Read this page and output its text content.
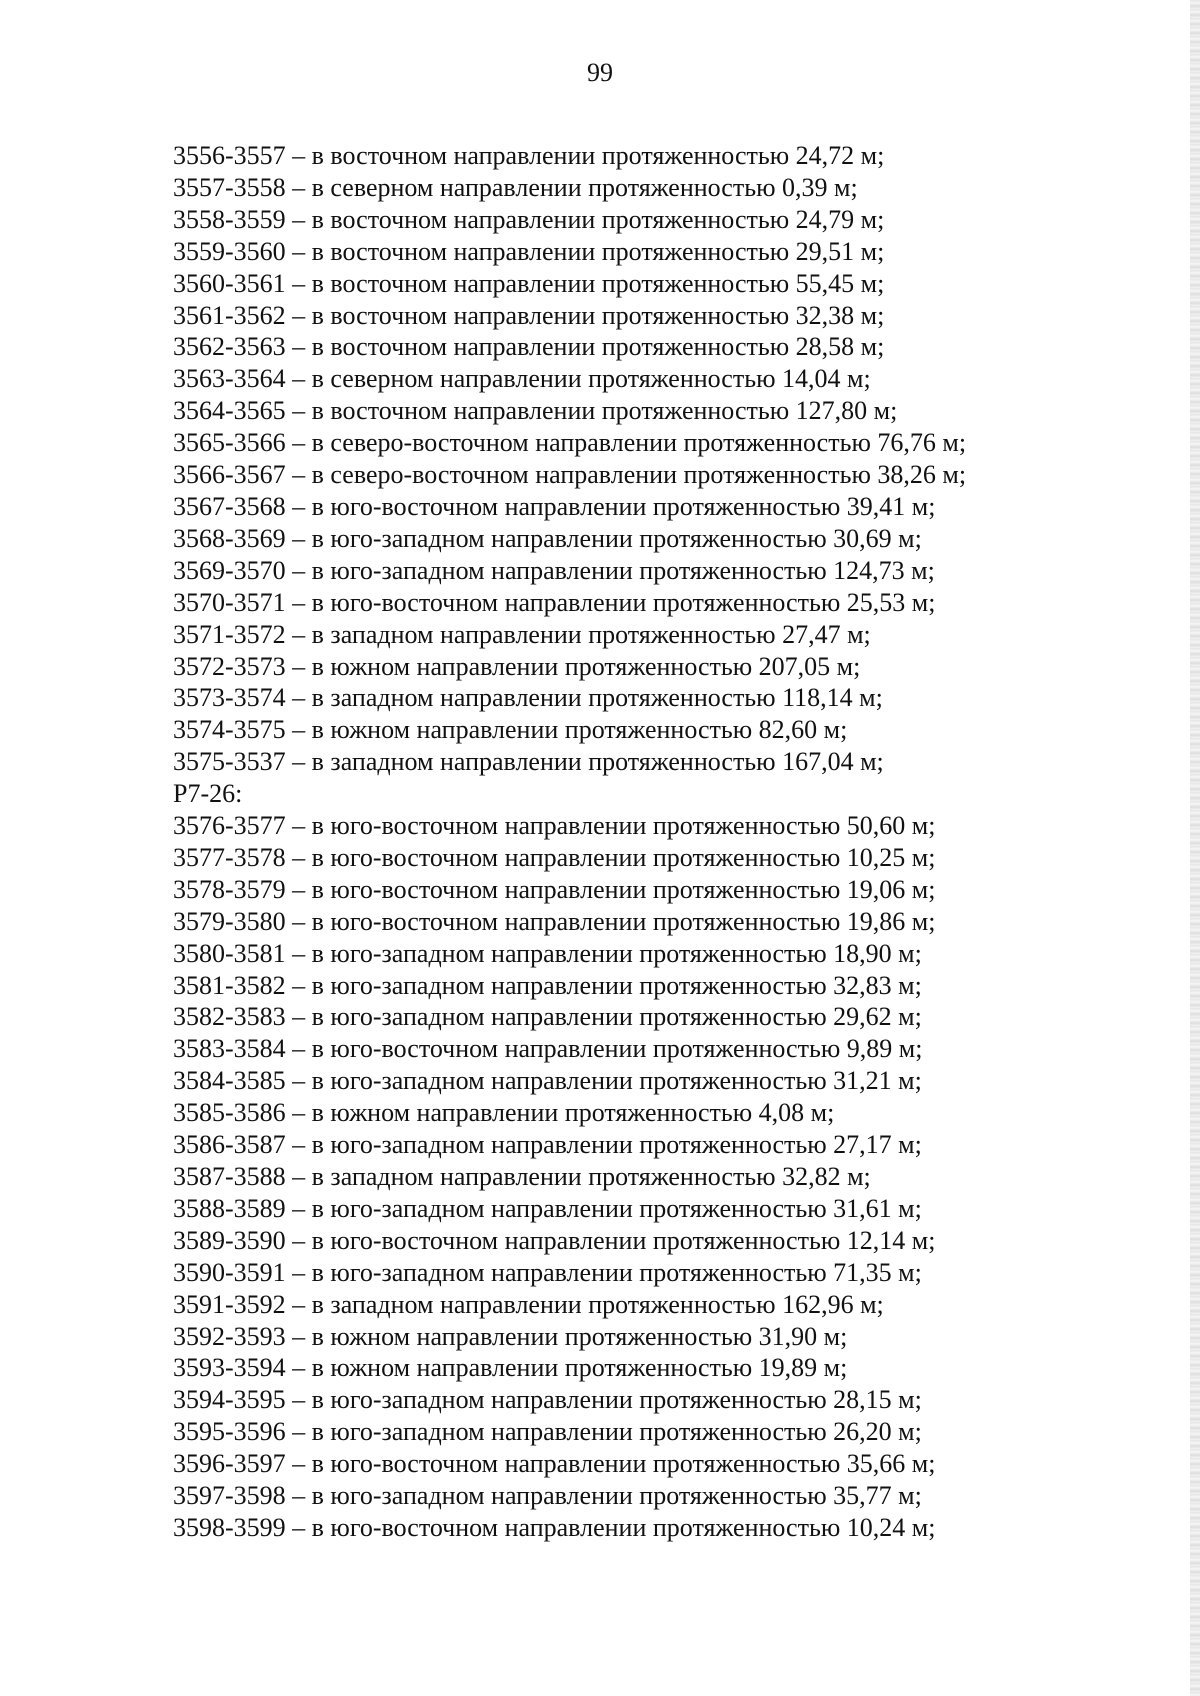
99
3556-3557 – в восточном направлении протяженностью 24,72 м;
3557-3558 – в северном направлении протяженностью 0,39 м;
3558-3559 – в восточном направлении протяженностью 24,79 м;
3559-3560 – в восточном направлении протяженностью 29,51 м;
3560-3561 – в восточном направлении протяженностью 55,45 м;
3561-3562 – в восточном направлении протяженностью 32,38 м;
3562-3563 – в восточном направлении протяженностью 28,58 м;
3563-3564 – в северном направлении протяженностью 14,04 м;
3564-3565 – в восточном направлении протяженностью 127,80 м;
3565-3566 – в северо-восточном направлении протяженностью 76,76 м;
3566-3567 – в северо-восточном направлении протяженностью 38,26 м;
3567-3568 – в юго-восточном направлении протяженностью 39,41 м;
3568-3569 – в юго-западном направлении протяженностью 30,69 м;
3569-3570 – в юго-западном направлении протяженностью 124,73 м;
3570-3571 – в юго-восточном направлении протяженностью 25,53 м;
3571-3572 – в западном направлении протяженностью 27,47 м;
3572-3573 – в южном направлении протяженностью 207,05 м;
3573-3574 – в западном направлении протяженностью 118,14 м;
3574-3575 – в южном направлении протяженностью 82,60 м;
3575-3537 – в западном направлении протяженностью 167,04 м;
Р7-26:
3576-3577 – в юго-восточном направлении протяженностью 50,60 м;
3577-3578 – в юго-восточном направлении протяженностью 10,25 м;
3578-3579 – в юго-восточном направлении протяженностью 19,06 м;
3579-3580 – в юго-восточном направлении протяженностью 19,86 м;
3580-3581 – в юго-западном направлении протяженностью 18,90 м;
3581-3582 – в юго-западном направлении протяженностью 32,83 м;
3582-3583 – в юго-западном направлении протяженностью 29,62 м;
3583-3584 – в юго-восточном направлении протяженностью 9,89 м;
3584-3585 – в юго-западном направлении протяженностью 31,21 м;
3585-3586 – в южном направлении протяженностью 4,08 м;
3586-3587 – в юго-западном направлении протяженностью 27,17 м;
3587-3588 – в западном направлении протяженностью 32,82 м;
3588-3589 – в юго-западном направлении протяженностью 31,61 м;
3589-3590 – в юго-восточном направлении протяженностью 12,14 м;
3590-3591 – в юго-западном направлении протяженностью 71,35 м;
3591-3592 – в западном направлении протяженностью 162,96 м;
3592-3593 – в южном направлении протяженностью 31,90 м;
3593-3594 – в южном направлении протяженностью 19,89 м;
3594-3595 – в юго-западном направлении протяженностью 28,15 м;
3595-3596 – в юго-западном направлении протяженностью 26,20 м;
3596-3597 – в юго-восточном направлении протяженностью 35,66 м;
3597-3598 – в юго-западном направлении протяженностью 35,77 м;
3598-3599 – в юго-восточном направлении протяженностью 10,24 м;
